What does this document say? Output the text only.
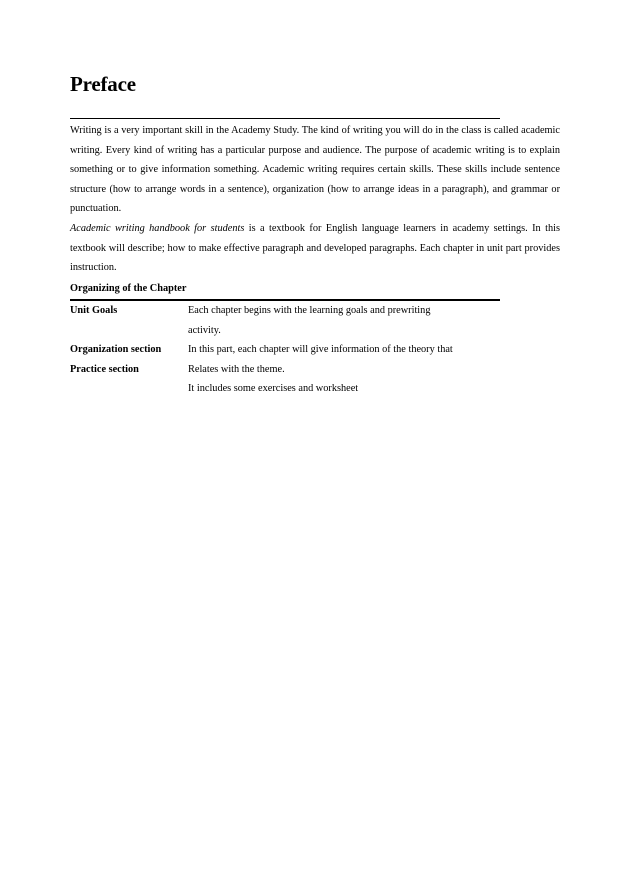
Preface

Writing is a very important skill in the Academy Study. The kind of writing you will do in the class is called academic writing. Every kind of writing has a particular purpose and audience. The purpose of academic writing is to explain something or to give information something. Academic writing requires certain skills. These skills include sentence structure (how to arrange words in a sentence), organization (how to arrange ideas in a paragraph), and grammar or punctuation.

Academic writing handbook for students is a textbook for English language learners in academy settings. In this textbook will describe; how to make effective paragraph and developed paragraphs. Each chapter in unit part provides instruction.

Organizing of the Chapter
Unit Goals	Each chapter begins with the learning goals and prewriting
activity.
Organization section	In this part, each chapter will give information of the theory that
Practice section	Relates with the theme.
It includes some exercises and worksheet
